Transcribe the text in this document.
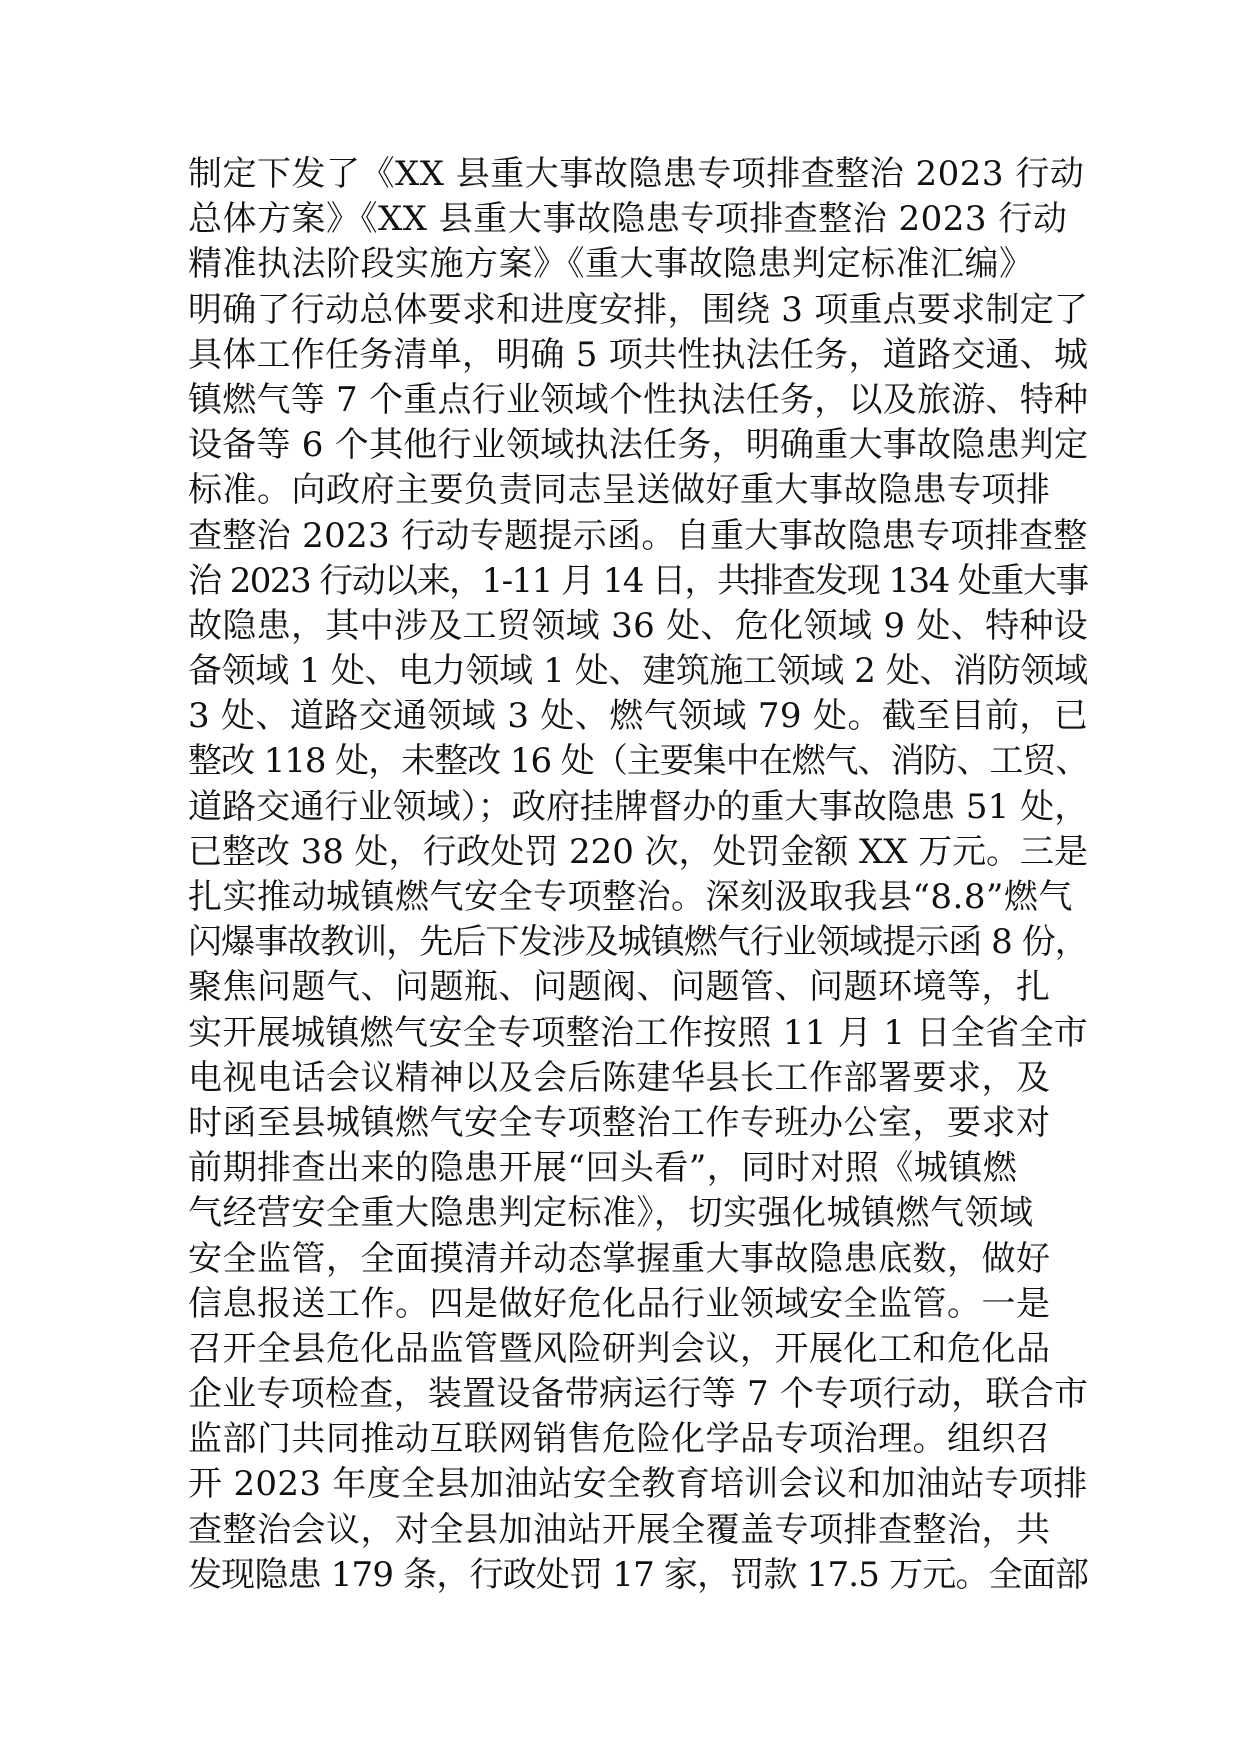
制定下发了《XX 县重大事故隐患专项排查整治 2023 行动
总体方案》《XX 县重大事故隐患专项排查整治 2023 行动
精准执法阶段实施方案》《重大事故隐患判定标准汇编》
明确了行动总体要求和进度安排，围绕 3 项重点要求制定了
具体工作任务清单，明确 5 项共性执法任务，道路交通、城
镇燃气等 7 个重点行业领域个性执法任务，以及旅游、特种
设备等 6 个其他行业领域执法任务，明确重大事故隐患判定
标准。向政府主要负责同志呈送做好重大事故隐患专项排
查整治 2023 行动专题提示函。自重大事故隐患专项排查整
治 2023 行动以来，1-11 月 14 日，共排查发现 134 处重大事
故隐患，其中涉及工贸领域 36 处、危化领域 9 处、特种设
备领域 1 处、电力领域 1 处、建筑施工领域 2 处、消防领域
3 处、道路交通领域 3 处、燃气领域 79 处。截至目前，已
整改 118 处，未整改 16 处（主要集中在燃气、消防、工贸、
道路交通行业领域）；政府挂牌督办的重大事故隐患 51 处，
已整改 38 处，行政处罚 220 次，处罚金额 XX 万元。三是
扎实推动城镇燃气安全专项整治。深刻汲取我县“8.8”燃气
闪爆事故教训，先后下发涉及城镇燃气行业领域提示函 8 份，
聚焦问题气、问题瓶、问题阀、问题管、问题环境等，扎
实开展城镇燃气安全专项整治工作按照 11 月 1 日全省全市
电视电话会议精神以及会后陈建华县长工作部署要求，及
时函至县城镇燃气安全专项整治工作专班办公室，要求对
前期排查出来的隐患开展“回头看”，同时对照《城镇燃
气经营安全重大隐患判定标准》，切实强化城镇燃气领域
安全监管，全面摸清并动态掌握重大事故隐患底数，做好
信息报送工作。四是做好危化品行业领域安全监管。一是
召开全县危化品监管暨风险研判会议，开展化工和危化品
企业专项检查，装置设备带病运行等 7 个专项行动，联合市
监部门共同推动互联网销售危险化学品专项治理。组织召
开 2023 年度全县加油站安全教育培训会议和加油站专项排
查整治会议，对全县加油站开展全覆盖专项排查整治，共
发现隐患 179 条，行政处罚 17 家，罚款 17.5 万元。全面部
